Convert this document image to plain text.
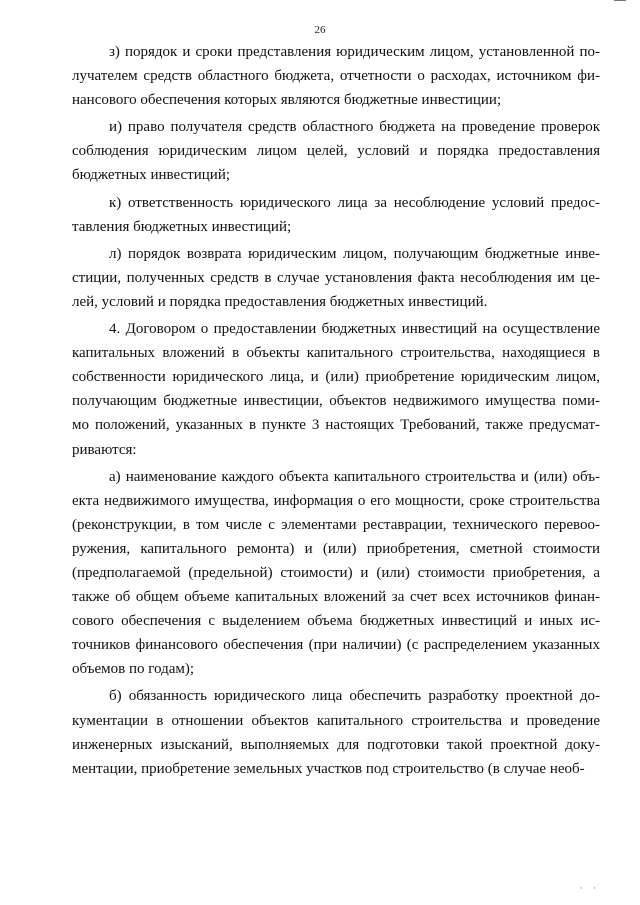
26

з) порядок и сроки представления юридическим лицом, установленной по-
лучателем средств областного бюджета, отчетности о расходах, источником фи-
нансового обеспечения которых являются бюджетные инвестиции;

и) право получателя средств областного бюджета на проведение проверок
соблюдения юридическим лицом целей, условий и порядка предоставления
бюджетных инвестиций;

к) ответственность юридического лица за несоблюдение условий предос-
тавления бюджетных инвестиций;

л) порядок возврата юридическим лицом, получающим бюджетные инве-
стиции, полученных средств в случае установления факта несоблюдения им це-
лей, условий и порядка предоставления бюджетных инвестиций.

4. Договором о предоставлении бюджетных инвестиций на осуществление
капитальных вложений в объекты капитального строительства, находящиеся в
собственности юридического лица, и (или) приобретение юридическим лицом,
получающим бюджетные инвестиции, объектов недвижимого имущества поми-
мо положений, указанных в пункте 3 настоящих Требований, также предусмат-
риваются:

а) наименование каждого объекта капитального строительства и (или) объ-
екта недвижимого имущества, информация о его мощности, сроке строительства
(реконструкции, в том числе с элементами реставрации, технического перевоо-
ружения, капитального ремонта) и (или) приобретения, сметной стоимости
(предполагаемой (предельной) стоимости) и (или) стоимости приобретения, а
также об общем объеме капитальных вложений за счет всех источников финан-
сового обеспечения с выделением объема бюджетных инвестиций и иных ис-
точников финансового обеспечения (при наличии) (с распределением указанных
объемов по годам);

б) обязанность юридического лица обеспечить разработку проектной до-
кументации в отношении объектов капитального строительства и проведение
инженерных изысканий, выполняемых для подготовки такой проектной доку-
ментации, приобретение земельных участков под строительство (в случае необ-

· ·
